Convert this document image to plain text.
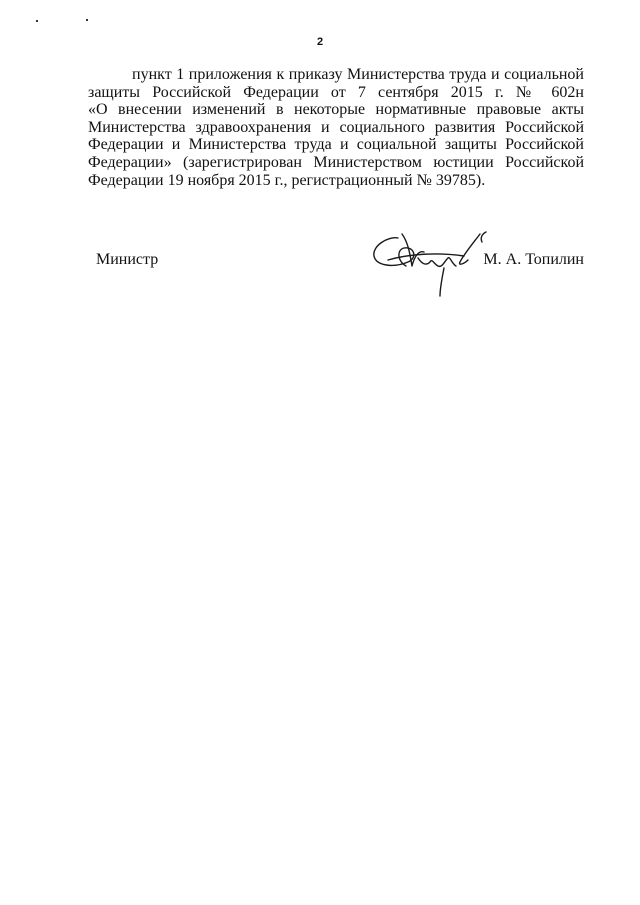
2
пункт 1 приложения к приказу Министерства труда и социальной
защиты Российской Федерации от 7 сентября 2015 г. № 602н
«О внесении изменений в некоторые нормативные правовые акты
Министерства здравоохранения и социального развития Российской
Федерации и Министерства труда и социальной защиты Российской
Федерации» (зарегистрирован Министерством юстиции Российской
Федерации 19 ноября 2015 г., регистрационный № 39785).
Министр	М. А. Топилин
